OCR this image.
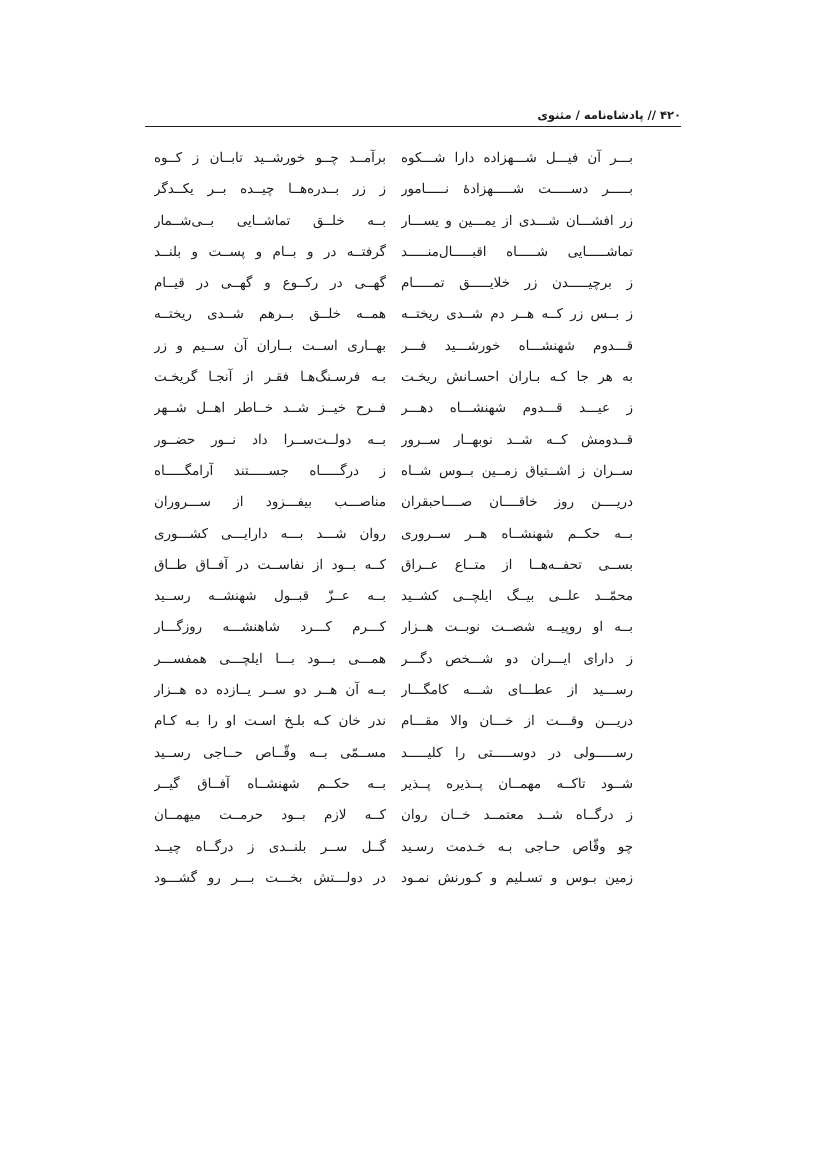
۴۲۰ // پادشاه‌نامه / مثنوی
بـــر آن فیـــل شـــهزاده دارا شـــکوه
بـــــر دســـــت شـــــهزادهٔ نـــــامور
زر افشـــان شـــدی از یمـــین و یســـار
تماشـــــایی شـــــاه اقبـــــال‌منـــــد
ز برچیـــــدن زر خلایـــــق تمـــــام
ز بــس زر کــه هــر دم شــدی ریختــه
قـــدوم شهنشـــاه خورشـــید فـــر
به هر جا کـه بـاران احسـانش ریخـت
ز عیـــد قـــدوم شهنشـــاه دهـــر
قــدومش کــه شــد نوبهــار ســرور
ســران ز اشــتیاق زمــین بــوس شــاه
دریــــن روز خاقــــان صــــاحبقران
بــه حکــم شهنشــاه هــر ســروری
بســی تحفــه‌هــا از متــاع عــراق
محمّــد علــی بیــگ ایلچــی کشــید
بــه او روپیــه شصــت نوبــت هــزار
ز دارای ایـــران دو شـــخص دگـــر
رســـید از عطـــای شـــه کامگـــار
دریـــن وقـــت از خـــان والا مقـــام
رســـــولی در دوســـــتی را کلیـــــد
شــود تاکــه مهمــان پــذیره پــذیر
ز درگــاه شــد معتمــد خــان روان
چو وقّاص حـاجی بـه خـدمت رسـید
زمین بـوس و تسـلیم و کـورنش نمـود
برآمــد چــو خورشــید تابــان ز کــوه
ز زر بــدره‌هــا چیــده بــر یکــدگر
بــه خلــق تماشــایی بــی‌شــمار
گرفتــه در و بــام و پســت و بلنــد
گهــی در رکــوع و گهــی در قیــام
همــه خلــق بــرهم شــدی ریختــه
بهــاری اســت بــاران آن ســیم و زر
بـه فرسـنگ‌هـا فقـر از آنجـا گریخـت
فــرح خیــز شــد خــاطر اهــل شــهر
بــه دولــت‌ســرا داد نــور حضــور
ز درگـــــاه جســـــتند آرامگـــــاه
مناصـــب بیفـــزود از ســـروران
روان شـــد بـــه دارایـــی کشـــوری
کــه بــود از نفاســت در آفــاق طــاق
بــه عــزّ قبــول شهنشــه رســید
کـــرم کـــرد شاهنشـــه روزگـــار
همـــی بـــود بـــا ایلچـــی همفســـر
بــه آن هــر دو ســر یــازده ده هــزار
ندر خان کـه بلـخ اسـت او را بـه کـام
مســمّی بــه وقّــاص حــاجی رســید
بــه حکــم شهنشــاه آفــاق گیــر
کــه لازم بــود حرمــت میهمــان
گــل ســر بلنــدی ز درگــاه چیــد
در دولـــتش بخـــت بـــر رو گشـــود
